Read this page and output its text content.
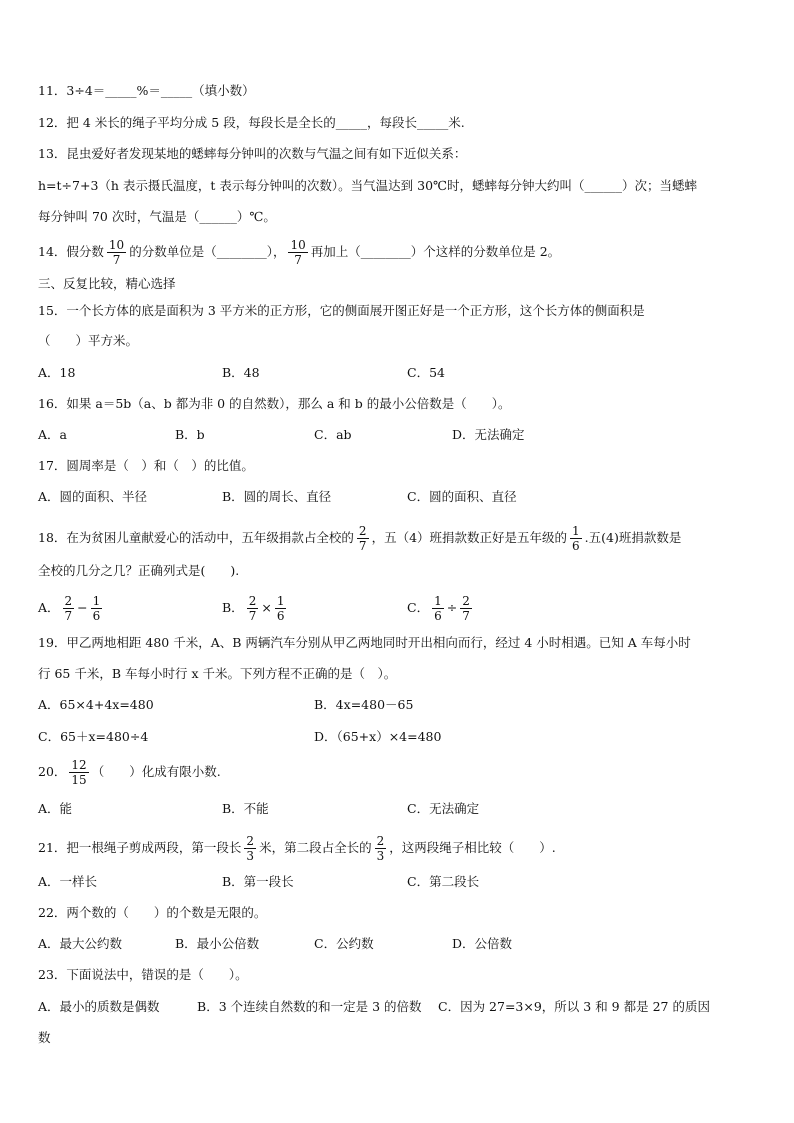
11．3÷4＝_____%＝_____（填小数）
12．把 4 米长的绳子平均分成 5 段，每段长是全长的_____，每段长_____米.
13．昆虫爱好者发现某地的蟋蟀每分钟叫的次数与气温之间有如下近似关系：
h=t÷7+3（h 表示摄氏温度，t 表示每分钟叫的次数）。当气温达到 30℃时，蟋蟀每分钟大约叫（______）次；当蟋蟀
每分钟叫 70 次时，气温是（______）℃。
14．假分数 $\frac{10}{7}$ 的分数单位是（________）， $\frac{10}{7}$ 再加上（________）个这样的分数单位是 2。
三、反复比较，精心选择
15．一个长方体的底是面积为 3 平方米的正方形，它的侧面展开图正好是一个正方形，这个长方体的侧面积是
（　　）平方米。
A．18	B．48	C．54
16．如果 a＝5b（a、b 都为非 0 的自然数），那么 a 和 b 的最小公倍数是（　　）。
A．a	B．b	C．ab	D．无法确定
17．圆周率是（　）和（　）的比值。
A．圆的面积、半径	B．圆的周长、直径	C．圆的面积、直径
18．在为贫困儿童献爱心的活动中，五年级捐款占全校的 $\frac{2}{7}$ ，五（4）班捐款数正好是五年级的 $\frac{1}{6}$ .五(4)班捐款数是
全校的几分之几？正确列式是(　　).
A． $\frac{2}{7} - \frac{1}{6}$	B． $\frac{2}{7} \times \frac{1}{6}$	C． $\frac{1}{6} \div \frac{2}{7}$
19．甲乙两地相距 480 千米，A、B 两辆汽车分别从甲乙两地同时开出相向而行，经过 4 小时相遇。已知 A 车每小时
行 65 千米，B 车每小时行 x 千米。下列方程不正确的是（　）。
A．65×4+4x=480	B．4x=480－65
C．65＋x=480÷4	D．（65+x）×4=480
20． $\frac{12}{15}$ （　　）化成有限小数.
A．能	B．不能	C．无法确定
21．把一根绳子剪成两段，第一段长 $\frac{2}{3}$ 米，第二段占全长的 $\frac{2}{3}$ ，这两段绳子相比较（　　）.
A．一样长	B．第一段长	C．第二段长
22．两个数的（　　）的个数是无限的。
A．最大公约数	B．最小公倍数	C．公约数	D．公倍数
23．下面说法中，错误的是（　　）。
A．最小的质数是偶数　　　B．3 个连续自然数的和一定是 3 的倍数　 C．因为 27=3×9，所以 3 和 9 都是 27 的质因
数
